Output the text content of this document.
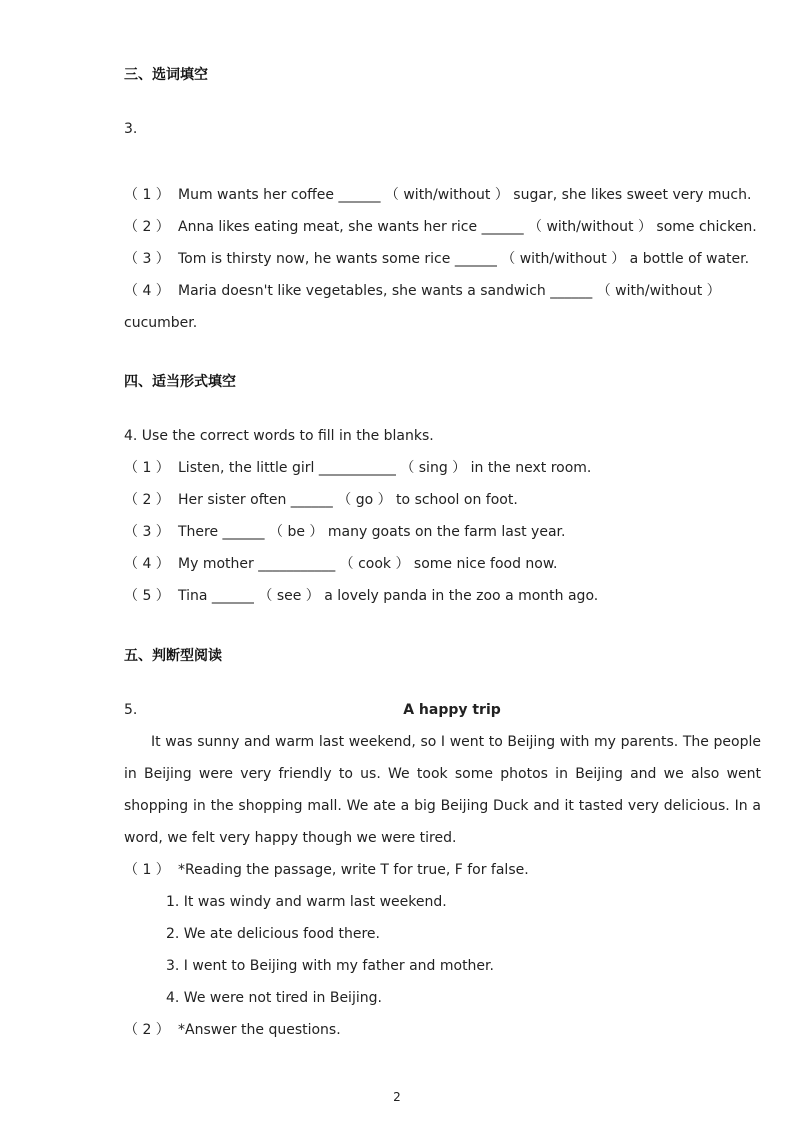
三、选词填空
3.
（ 1 ） Mum wants her coffee ______ （ with/without ） sugar, she likes sweet very much.
（ 2 ） Anna likes eating meat, she wants her rice ______ （ with/without ） some chicken.
（ 3 ） Tom is thirsty now, he wants some rice ______ （ with/without ） a bottle of water.
（ 4 ） Maria doesn't like vegetables, she wants a sandwich ______ （ with/without ）
cucumber.
四、适当形式填空
4. Use the correct words to fill in the blanks.
（ 1 ） Listen, the little girl ___________ （ sing ） in the next room.
（ 2 ） Her sister often ______ （ go ） to school on foot.
（ 3 ） There ______ （ be ） many goats on the farm last year.
（ 4 ） My mother ___________ （ cook ） some nice food now.
（ 5 ） Tina ______ （ see ） a lovely panda in the zoo a month ago.
五、判断型阅读
5.	A happy trip
It was sunny and warm last weekend, so I went to Beijing with my parents. The people in Beijing were very friendly to us. We took some photos in Beijing and we also went shopping in the shopping mall. We ate a big Beijing Duck and it tasted very delicious. In a word, we felt very happy though we were tired.
（ 1 ） *Reading the passage, write T for true, F for false.
1. It was windy and warm last weekend.
2. We ate delicious food there.
3. I went to Beijing with my father and mother.
4. We were not tired in Beijing.
（ 2 ） *Answer the questions.
2
